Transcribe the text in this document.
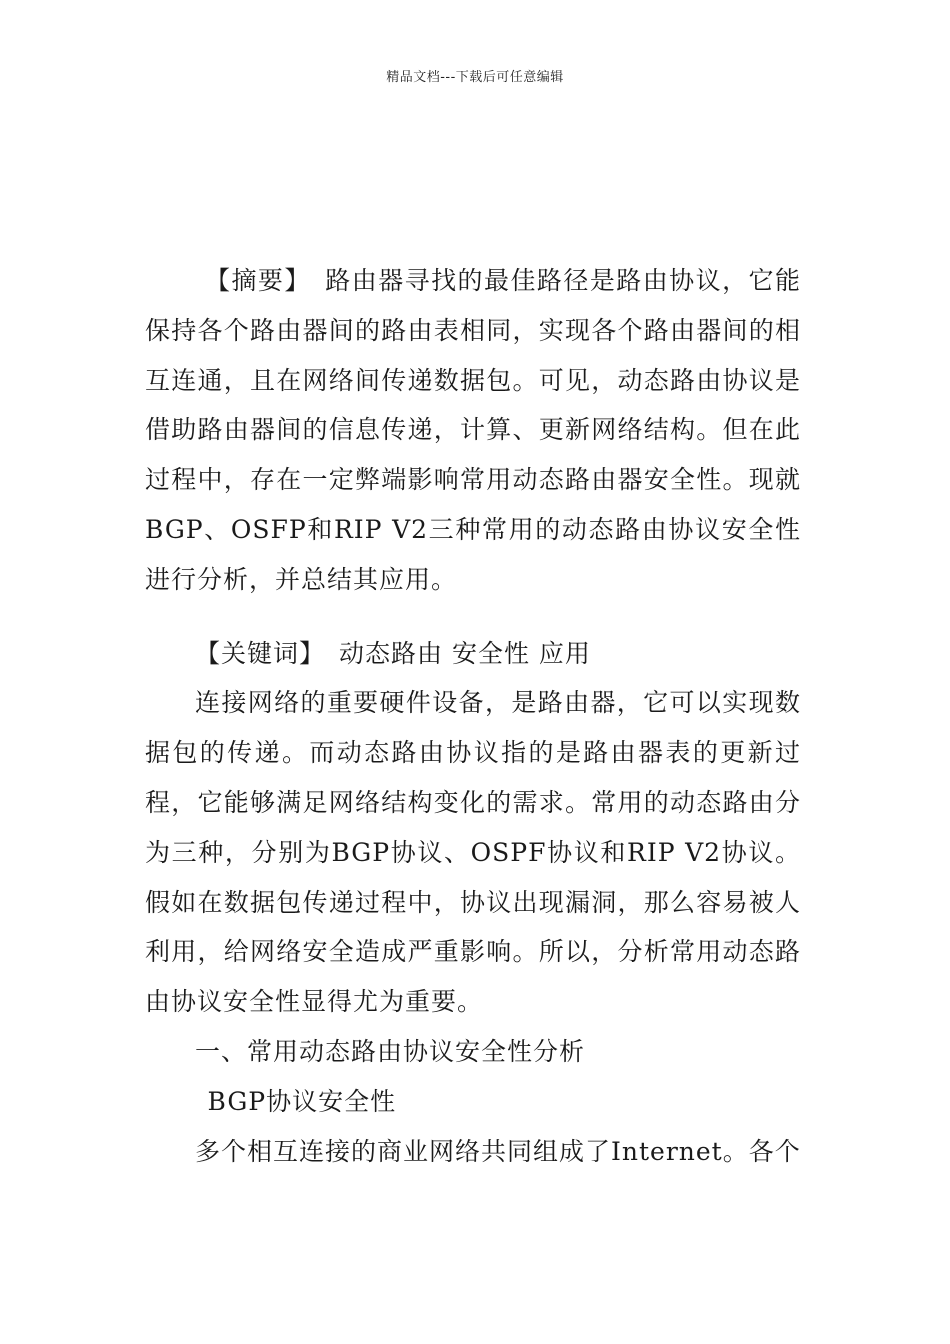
精品文档---下载后可任意编辑

【摘要】 路由器寻找的最佳路径是路由协议，它能保持各个路由器间的路由表相同，实现各个路由器间的相互连通，且在网络间传递数据包。可见，动态路由协议是借助路由器间的信息传递，计算、更新网络结构。但在此过程中，存在一定弊端影响常用动态路由器安全性。现就BGP、OSFP和RIP V2三种常用的动态路由协议安全性进行分析，并总结其应用。

【关键词】 动态路由 安全性 应用

连接网络的重要硬件设备，是路由器，它可以实现数据包的传递。而动态路由协议指的是路由器表的更新过程，它能够满足网络结构变化的需求。常用的动态路由分为三种，分别为BGP协议、OSPF协议和RIP V2协议。假如在数据包传递过程中，协议出现漏洞，那么容易被人利用，给网络安全造成严重影响。所以，分析常用动态路由协议安全性显得尤为重要。

一、常用动态路由协议安全性分析

BGP协议安全性

多个相互连接的商业网络共同组成了Internet。各个
